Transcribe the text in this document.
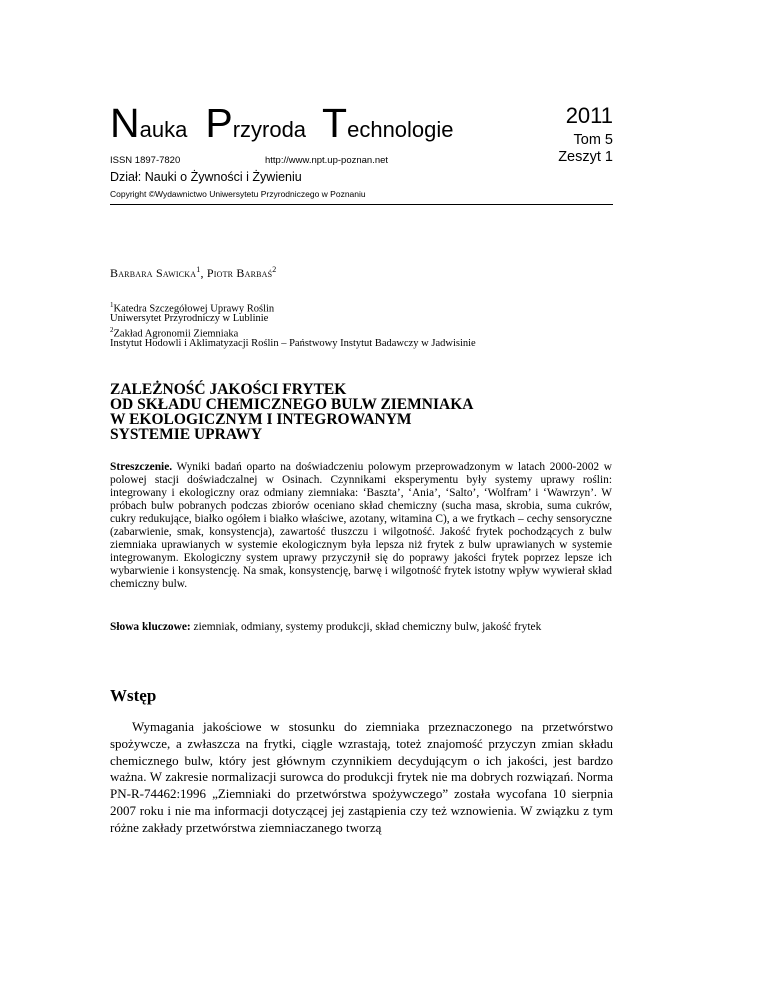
Nauka Przyroda Technologie
2011
Tom 5
Zeszyt 1
ISSN 1897-7820	http://www.npt.up-poznan.net
Dział: Nauki o Żywności i Żywieniu
Copyright ©Wydawnictwo Uniwersytetu Przyrodniczego w Poznaniu
Barbara Sawicka$^1$, Piotr Barbaś$^2$
$^1$Katedra Szczegółowej Uprawy Roślin
Uniwersytet Przyrodniczy w Lublinie
$^2$Zakład Agronomii Ziemniaka
Instytut Hodowli i Aklimatyzacji Roślin – Państwowy Instytut Badawczy w Jadwisinie
ZALEŻNOŚĆ JAKOŚCI FRYTEK
OD SKŁADU CHEMICZNEGO BULW ZIEMNIAKA
W EKOLOGICZNYM I INTEGROWANYM
SYSTEMIE UPRAWY
Streszczenie. Wyniki badań oparto na doświadczeniu polowym przeprowadzonym w latach 2000-2002 w polowej stacji doświadczalnej w Osinach. Czynnikami eksperymentu były systemy uprawy roślin: integrowany i ekologiczny oraz odmiany ziemniaka: ‘Baszta’, ‘Ania’, ‘Salto’, ‘Wolfram’ i ‘Wawrzyn’. W próbach bulw pobranych podczas zbiorów oceniano skład chemiczny (sucha masa, skrobia, suma cukrów, cukry redukujące, białko ogółem i białko właściwe, azotany, witamina C), a we frytkach – cechy sensoryczne (zabarwienie, smak, konsystencja), zawartość tłuszczu i wilgotność. Jakość frytek pochodzących z bulw ziemniaka uprawianych w systemie ekologicznym była lepsza niż frytek z bulw uprawianych w systemie integrowanym. Ekologiczny system uprawy przyczynił się do poprawy jakości frytek poprzez lepsze ich wybarwienie i konsystencję. Na smak, konsystencję, barwę i wilgotność frytek istotny wpływ wywierał skład chemiczny bulw.
Słowa kluczowe: ziemniak, odmiany, systemy produkcji, skład chemiczny bulw, jakość frytek
Wstęp
Wymagania jakościowe w stosunku do ziemniaka przeznaczonego na przetwórstwo spożywcze, a zwłaszcza na frytki, ciągle wzrastają, toteż znajomość przyczyn zmian składu chemicznego bulw, który jest głównym czynnikiem decydującym o ich jakości, jest bardzo ważna. W zakresie normalizacji surowca do produkcji frytek nie ma dobrych rozwiązań. Norma PN-R-74462:1996 „Ziemniaki do przetwórstwa spożywczego” została wycofana 10 sierpnia 2007 roku i nie ma informacji dotyczącej jej zastąpienia czy też wznowienia. W związku z tym różne zakłady przetwórstwa ziemniaczanego tworzą
